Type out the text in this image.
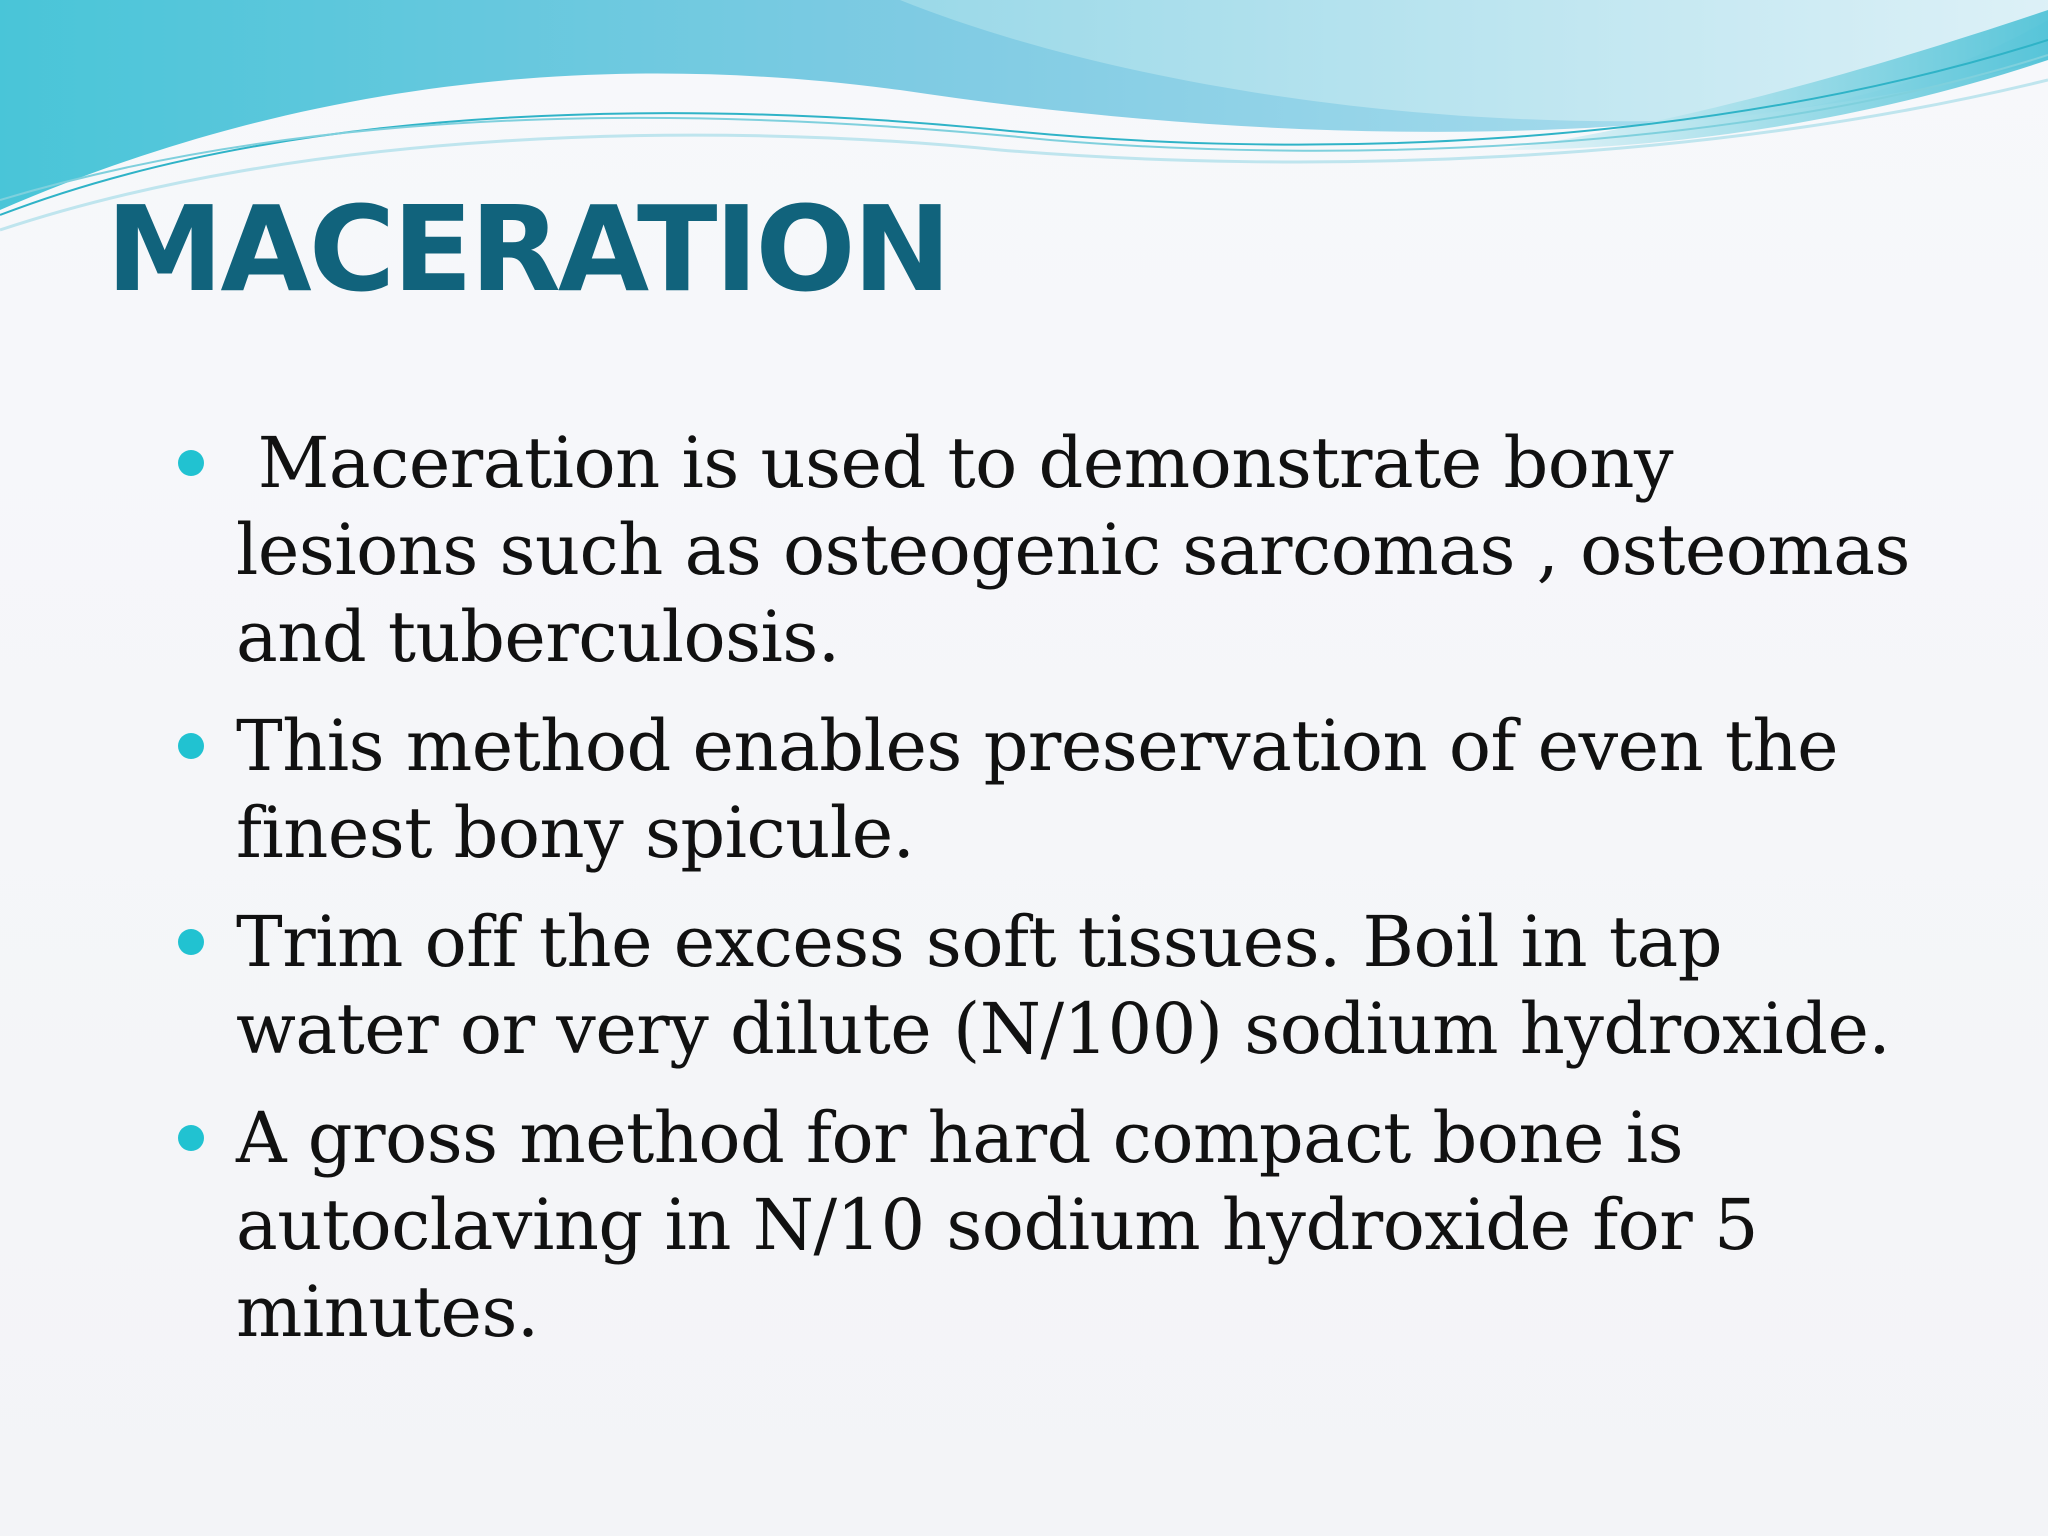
MACERATION
Maceration is used to demonstrate bony lesions such as osteogenic sarcomas , osteomas and tuberculosis.
This method enables preservation of even the finest bony spicule.
Trim off the excess soft tissues. Boil in tap water or very dilute (N/100) sodium hydroxide.
A gross method for hard compact bone is autoclaving in N/10 sodium hydroxide for 5 minutes.
